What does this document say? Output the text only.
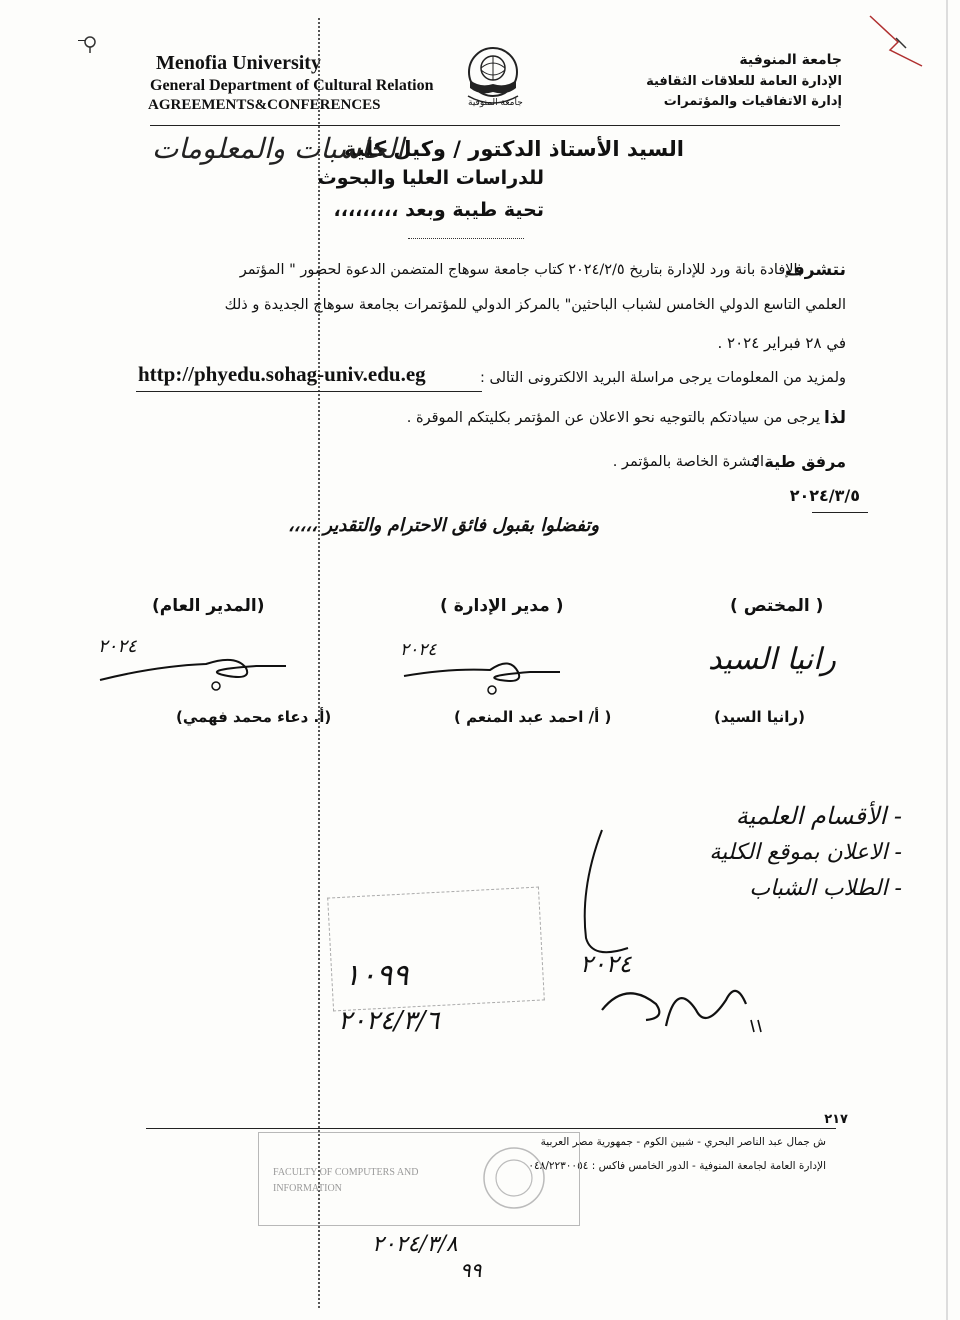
Menofia University
General Department of Cultural Relation
AGREEMENTS&CONFERENCES
جامعة المنوفية
الإدارة العامة للعلاقات الثقافية
إدارة الاتفاقيات والمؤتمرات
جامعة المنوفية
السيد الأستاذ الدكتور / وكيل كلية
الحاسبات والمعلومات
للدراسات العليا والبحوث
تحية طيبة وبعد ،،،،،،،،،
نتشرف
بالإفادة بانة ورد للإدارة بتاريخ ٢٠٢٤/٢/٥ كتاب جامعة سوهاج المتضمن الدعوة لحضور " المؤتمر
العلمي التاسع الدولي الخامس لشباب الباحثين" بالمركز الدولي للمؤتمرات بجامعة سوهاج الجديدة و ذلك
في ٢٨ فبراير ٢٠٢٤ .
ولمزيد من المعلومات يرجى مراسلة البريد الالكترونى التالى :
http://phyedu.sohag-univ.edu.eg
لذا
يرجى من سيادتكم بالتوجيه نحو الاعلان عن المؤتمر بكليتكم الموقرة .
مرفق طية :
النشرة الخاصة بالمؤتمر .
٢٠٢٤/٣/٥
وتفضلوا بقبول فائق الاحترام والتقدير ،،،،،
(المدير العام)	( مدير الإدارة )	( المختص )
٢٠٢٤	٢٠٢٤	رانيا السيد
(أ. دعاء محمد فهمي)	( أ/ احمد عبد المنعم )	(رانيا السيد)
- الأقسام العلمية
- الاعلان بموقع الكلية
- الطلاب الشباب
١٠٩٩
٢٠٢٤/٣/٦
٢٠٢٤
٢١٧
ش جمال عبد الناصر البحري - شبين الكوم - جمهورية مصر العربية
الإدارة العامة لجامعة المنوفية - الدور الخامس فاكس : ٠٤٨/٢٢٣٠٠٥٤
FACULTY OF COMPUTERS AND
INFORMATION
٢٠٢٤/٣/٨
٩٩
